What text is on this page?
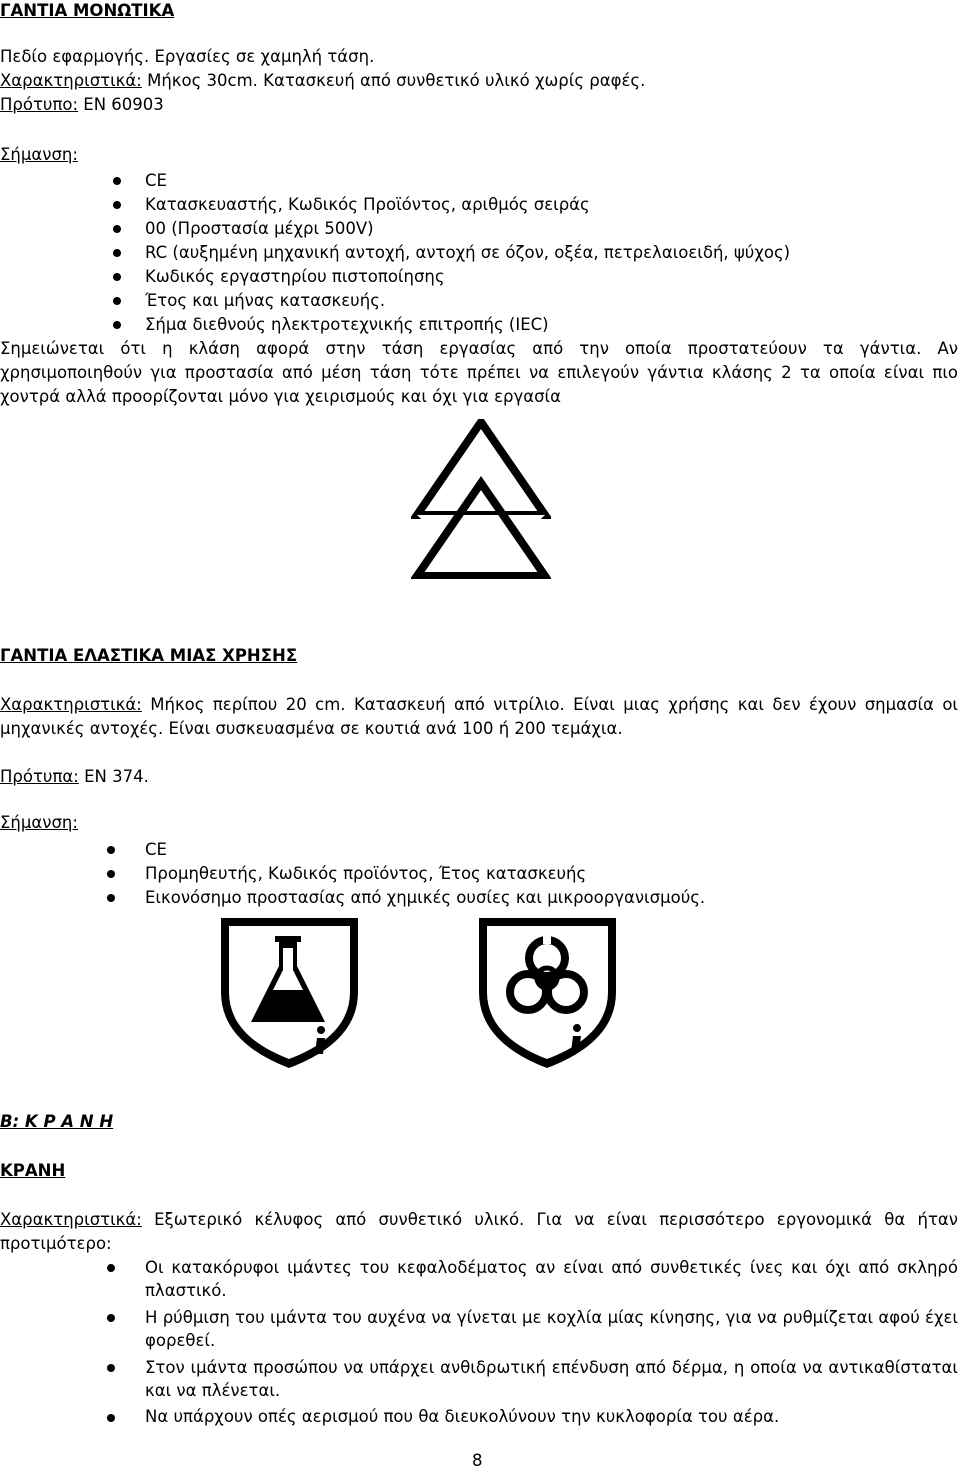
ΓΑΝΤΙΑ ΜΟΝΩΤΙΚΑ
Πεδίο εφαρμογής. Εργασίες σε χαμηλή τάση.
Χαρακτηριστικά: Μήκος 30cm. Κατασκευή από συνθετικό υλικό χωρίς ραφές.
Πρότυπο: EN 60903
Σήμανση:
CE
Κατασκευαστής, Κωδικός Προϊόντος, αριθμός σειράς
00 (Προστασία μέχρι 500V)
RC (αυξημένη μηχανική αντοχή, αντοχή σε όζον, οξέα, πετρελαιοειδή, ψύχος)
Κωδικός εργαστηρίου πιστοποίησης
Έτος και μήνας κατασκευής.
Σήμα διεθνούς ηλεκτροτεχνικής επιτροπής (IEC)
Σημειώνεται ότι η κλάση αφορά στην τάση εργασίας από την οποία προστατεύουν τα γάντια. Αν
χρησιμοποιηθούν για προστασία από μέση τάση τότε πρέπει να επιλεγούν γάντια κλάσης 2 τα οποία είναι πιο
χοντρά αλλά προορίζονται μόνο για χειρισμούς και όχι για εργασία
ΓΑΝΤΙΑ ΕΛΑΣΤΙΚΑ ΜΙΑΣ ΧΡΗΣΗΣ
Χαρακτηριστικά: Μήκος περίπου 20 cm. Κατασκευή από νιτρίλιο. Είναι μιας χρήσης και δεν έχουν σημασία οι
μηχανικές αντοχές. Είναι συσκευασμένα σε κουτιά ανά 100 ή 200 τεμάχια.
Πρότυπα: EN 374.
Σήμανση:
CE
Προμηθευτής, Κωδικός προϊόντος, Έτος κατασκευής
Εικονόσημο προστασίας από χημικές ουσίες και μικροοργανισμούς.
Β: Κ Ρ Α Ν Η
ΚΡΑΝΗ
Χαρακτηριστικά: Εξωτερικό κέλυφος από συνθετικό υλικό. Για να είναι περισσότερο εργονομικά θα ήταν
προτιμότερο:
Οι κατακόρυφοι ιμάντες του κεφαλοδέματος αν είναι από συνθετικές ίνες και όχι από σκληρό πλαστικό.
Η ρύθμιση του ιμάντα του αυχένα να γίνεται με κοχλία μίας κίνησης, για να ρυθμίζεται αφού έχει φορεθεί.
Στον ιμάντα προσώπου να υπάρχει ανθιδρωτική επένδυση από δέρμα, η οποία να αντικαθίσταται και να πλένεται.
Να υπάρχουν οπές αερισμού που θα διευκολύνουν την κυκλοφορία του αέρα.
8
